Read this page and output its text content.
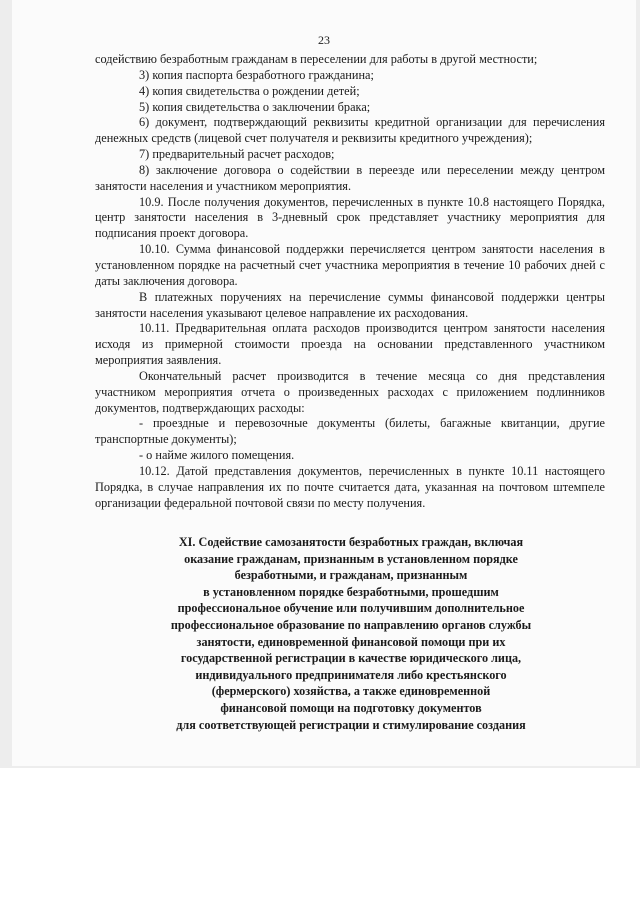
23

содействию безработным гражданам в переселении для работы в другой местности;

3) копия паспорта безработного гражданина;

4) копия свидетельства о рождении детей;

5) копия свидетельства о заключении брака;

6) документ, подтверждающий реквизиты кредитной организации для перечисления денежных средств (лицевой счет получателя и реквизиты кредитного учреждения);

7) предварительный расчет расходов;

8) заключение договора о содействии в переезде или переселении между центром занятости населения и участником мероприятия.

10.9. После получения документов, перечисленных в пункте 10.8 настоящего Порядка, центр занятости населения в 3-дневный срок представляет участнику мероприятия для подписания проект договора.

10.10. Сумма финансовой поддержки перечисляется центром занятости населения в установленном порядке на расчетный счет участника мероприятия в течение 10 рабочих дней с даты заключения договора.

В платежных поручениях на перечисление суммы финансовой поддержки центры занятости населения указывают целевое направление их расходования.

10.11. Предварительная оплата расходов производится центром занятости населения исходя из примерной стоимости проезда на основании представленного участником мероприятия заявления.

Окончательный расчет производится в течение месяца со дня представления участником мероприятия отчета о произведенных расходах с приложением подлинников документов, подтверждающих расходы:

- проездные и перевозочные документы (билеты, багажные квитанции, другие транспортные документы);

- о найме жилого помещения.

10.12. Датой представления документов, перечисленных в пункте 10.11 настоящего Порядка, в случае направления их по почте считается дата, указанная на почтовом штемпеле организации федеральной почтовой связи по месту получения.

XI. Содействие самозанятости безработных граждан, включая
оказание гражданам, признанным в установленном порядке
безработными, и гражданам, признанным
в установленном порядке безработными, прошедшим
профессиональное обучение или получившим дополнительное
профессиональное образование по направлению органов службы
занятости, единовременной финансовой помощи при их
государственной регистрации в качестве юридического лица,
индивидуального предпринимателя либо крестьянского
(фермерского) хозяйства, а также единовременной
финансовой помощи на подготовку документов
для соответствующей регистрации и стимулирование создания
